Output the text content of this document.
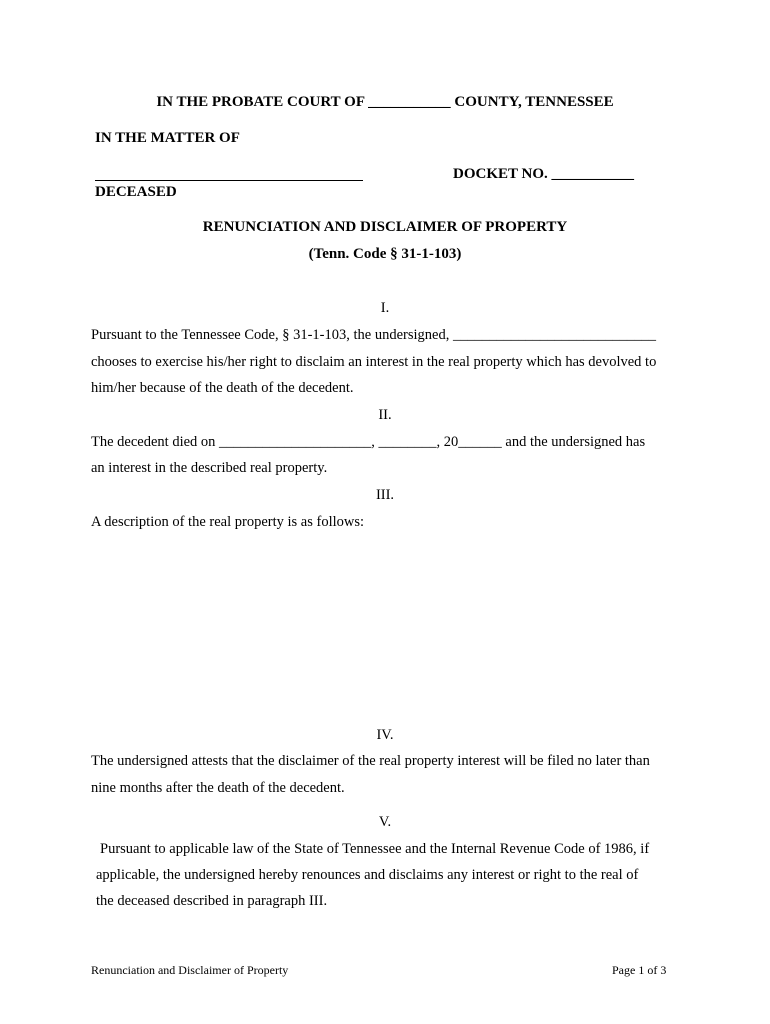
IN THE PROBATE COURT OF ___________ COUNTY, TENNESSEE
IN THE MATTER OF
DOCKET NO. ___________
DECEASED
RENUNCIATION AND DISCLAIMER OF PROPERTY
(Tenn. Code § 31-1-103)
I.
Pursuant to the Tennessee Code, § 31-1-103, the undersigned, ____________________________
chooses to exercise his/her right to disclaim an interest in the real property which has devolved to
him/her because of the death of the decedent.
II.
The decedent died on _____________________, ________, 20______ and the undersigned has
an interest in the described real property.
III.
A description of the real property is as follows:
IV.
The undersigned attests that the disclaimer of the real property interest will be filed no later than
nine months after the death of the decedent.
V.
Pursuant to applicable law of the State of Tennessee and the Internal Revenue Code of 1986, if
applicable, the undersigned hereby renounces and disclaims any interest or right to the real of
the deceased described in paragraph III.
Renunciation and Disclaimer of Property	Page 1 of 3
